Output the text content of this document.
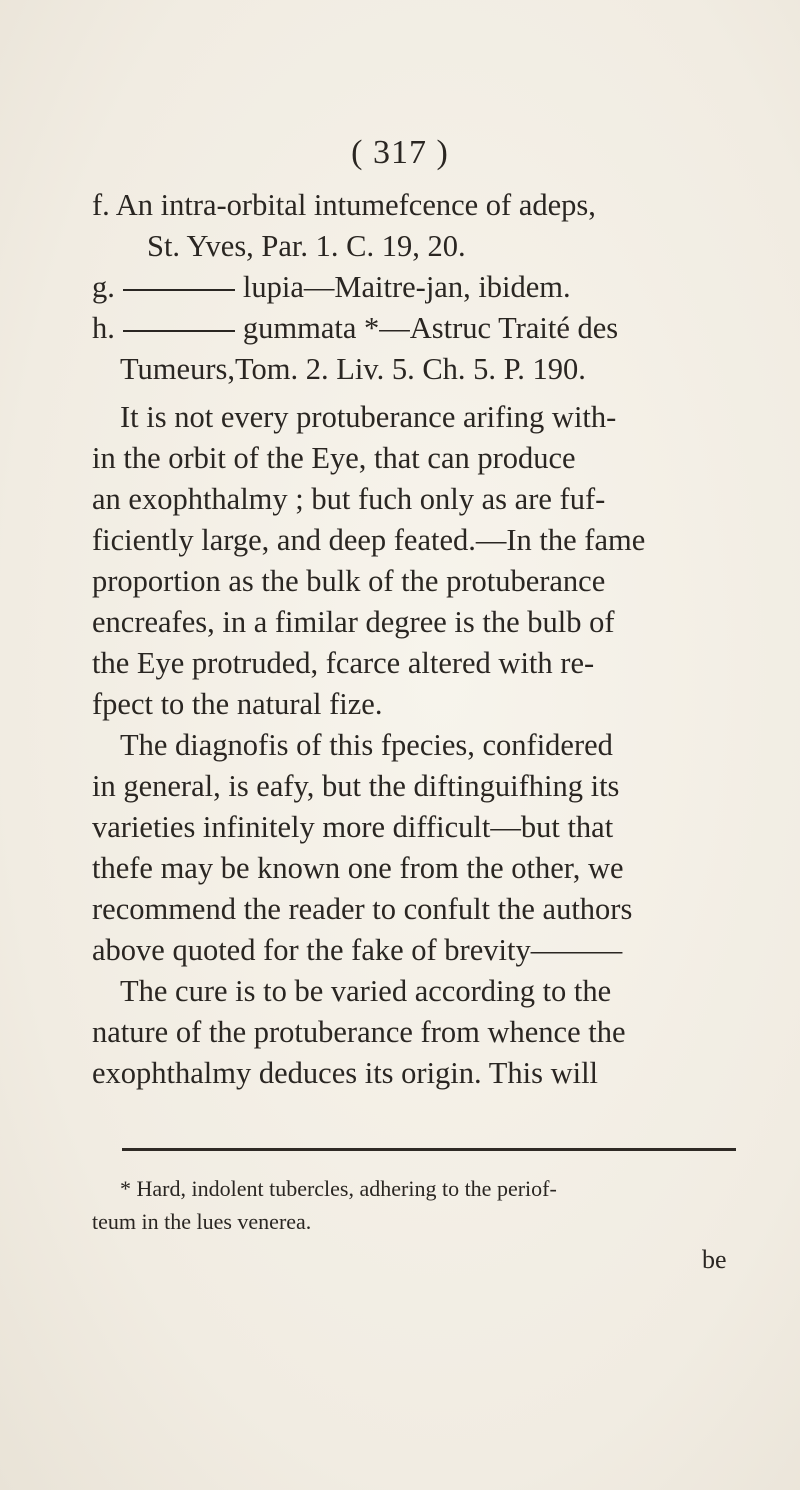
( 317 )
f. An intra-orbital intumefcence of adeps,
St. Yves, Par. 1. C. 19, 20.
g.	lupia—Maitre-jan, ibidem.
h.	gummata *—Astruc Traité des
Tumeurs,Tom. 2. Liv. 5. Ch. 5. P. 190.
It is not every protuberance arifing with-
in the orbit of the Eye, that can produce
an exophthalmy ; but fuch only as are fuf-
ficiently large, and deep feated.—In the fame
proportion as the bulk of the protuberance
encreafes, in a fimilar degree is the bulb of
the Eye protruded, fcarce altered with re-
fpect to the natural fize.
The diagnofis of this fpecies, confidered
in general, is eafy, but the diftinguifhing its
varieties infinitely more difficult—but that
thefe may be known one from the other, we
recommend the reader to confult the authors
above quoted for the fake of brevity———
The cure is to be varied according to the
nature of the protuberance from whence the
exophthalmy deduces its origin. This will
* Hard, indolent tubercles, adhering to the periof-
teum in the lues venerea.
be
